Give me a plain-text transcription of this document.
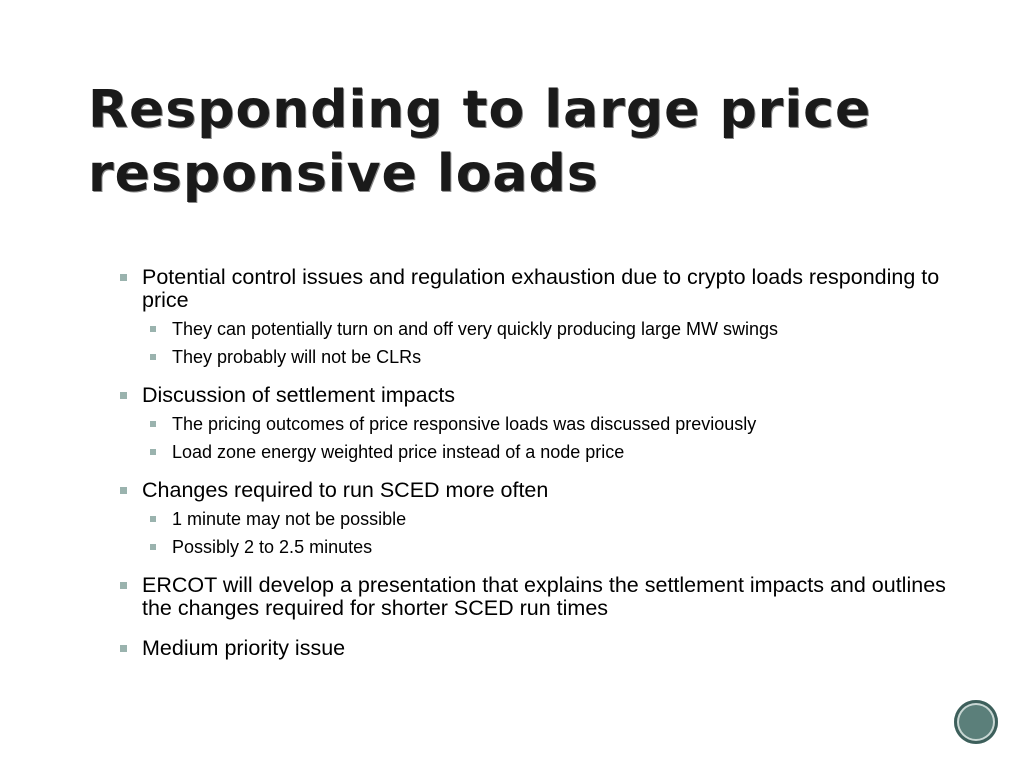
Responding to large price
responsive loads
Potential control issues and regulation exhaustion due to crypto loads responding to price
They can potentially turn on and off very quickly producing large MW swings
They probably will not be CLRs
Discussion of settlement impacts
The pricing outcomes of price responsive loads was discussed previously
Load zone energy weighted price instead of a node price
Changes required to run SCED more often
1 minute may not be possible
Possibly 2 to 2.5 minutes
ERCOT will develop a presentation that explains the settlement impacts and outlines the changes required for shorter SCED run times
Medium priority issue
